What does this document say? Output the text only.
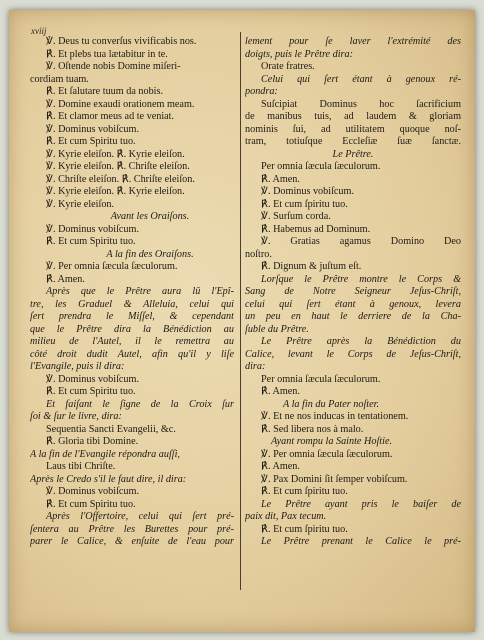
xviij
℣. Deus tu converſus vivificabis nos.
℟. Et plebs tua lætabitur in te.
℣. Oſtende nobis Domine miſeri-
cordiam tuam.
℟. Et ſalutare tuum da nobis.
℣. Domine exaudi orationem meam.
℟. Et clamor meus ad te veniat.
℣. Dominus vobiſcum.
℟. Et cum Spiritu tuo.
℣. Kyrie eleiſon. ℟. Kyrie eleiſon.
℣. Kyrie eleiſon. ℟. Chriſte eleiſon.
℣. Chriſte eleiſon. ℟. Chriſte eleiſon.
℣. Kyrie eleiſon. ℟. Kyrie eleiſon.
℣. Kyrie eleiſon.
Avant les Oraiſons.
℣. Dominus vobiſcum.
℟. Et cum Spiritu tuo.
A la fin des Oraiſons.
℣. Per omnia ſæcula ſæculorum.
℟. Amen.
Après que le Prêtre aura lû l'Epî-
tre, les Graduel & Alleluia, celui qui
ſert prendra le Miſſel, & cependant
que le Prêtre dira la Bénédiction au
milieu de l'Autel, il le remettra au
côté droit dudit Autel, afin qu'il y liſe
l'Evangile, puis il dira:
℣. Dominus vobiſcum.
℟. Et cum Spiritu tuo.
Et faiſant le ſigne de la Croix ſur
ſoi & ſur le livre, dira:
Sequentia Sancti Evangelii, &c.
℟. Gloria tibi Domine.
A la fin de l'Evangile répondra auſſi,
Laus tibi Chriſte.
Après le Credo s'il le faut dire, il dira:
℣. Dominus vobiſcum.
℟. Et cum Spiritu tuo.
Après l'Offertoire, celui qui ſert pré-
ſentera au Prêtre les Burettes pour pré-
parer le Calice, & enſuite de l'eau pour
lement pour ſe laver l'extrémité des
doigts, puis le Prêtre dira:
Orate fratres.
Celui qui ſert étant à genoux ré-
pondra:
Suſcipiat Dominus hoc ſacrificium
de manibus tuis, ad laudem & gloriam
nominis ſui, ad utilitatem quoque noſ-
tram, totiuſque Eccleſiæ ſuæ ſanctæ.
Le Prêtre.
Per omnia ſæcula ſæculorum.
℟. Amen.
℣. Dominus vobiſcum.
℟. Et cum ſpiritu tuo.
℣. Surſum corda.
℟. Habemus ad Dominum.
℣. Gratias agamus Domino Deo
noſtro.
℟. Dignum & juſtum eſt.
Lorſque le Prêtre montre le Corps &
Sang de Notre Seigneur Jeſus-Chriſt,
celui qui ſert étant à genoux, levera
un peu en haut le derriere de la Cha-
ſuble du Prêtre.
Le Prêtre après la Bénédiction du
Calice, levant le Corps de Jeſus-Chriſt,
dira:
Per omnia ſæcula ſæculorum.
℟. Amen.
A la fin du Pater noſter.
℣. Et ne nos inducas in tentationem.
℟. Sed libera nos à malo.
Ayant rompu la Sainte Hoſtie.
℣. Per omnia ſæcula ſæculorum.
℟. Amen.
℣. Pax Domini ſit ſemper vobiſcum.
℟. Et cum ſpiritu tuo.
Le Prêtre ayant pris le baiſer de
paix dit, Pax tecum.
℟. Et cum ſpiritu tuo.
Le Prêtre prenant le Calice le pré-
